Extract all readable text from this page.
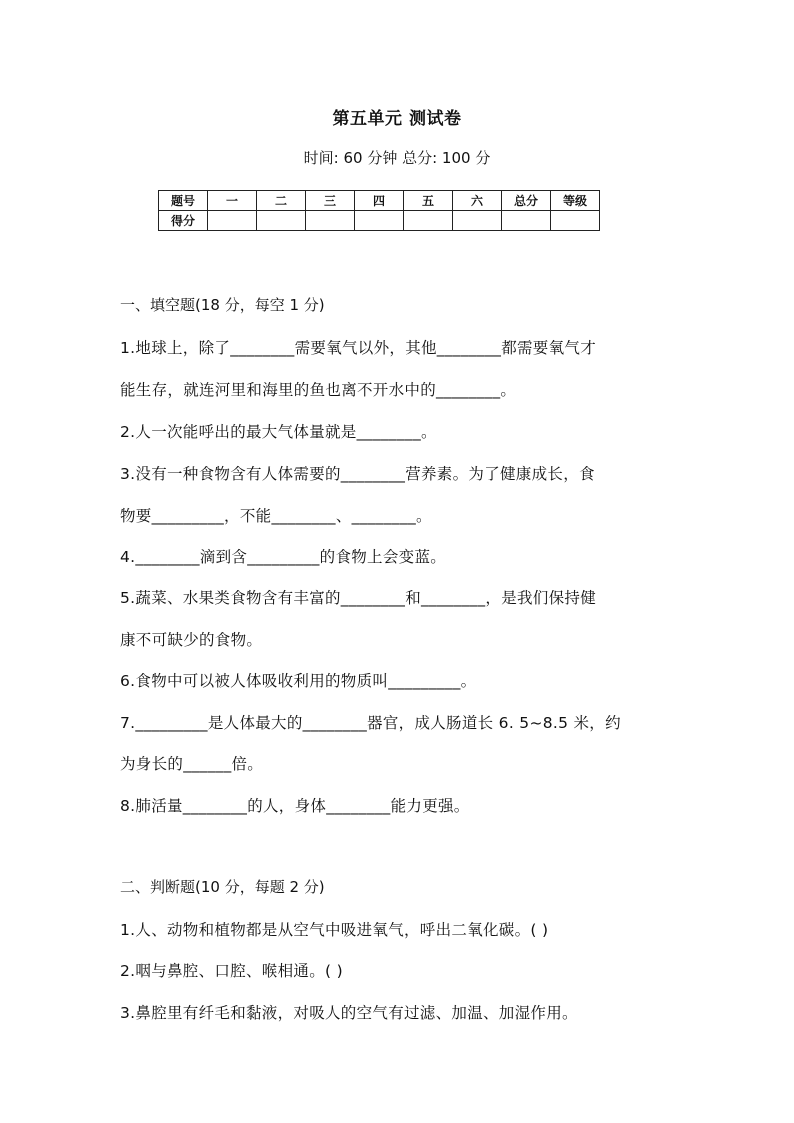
第五单元 测试卷
时间: 60 分钟 总分: 100 分
题号	一	二	三	四	五	六	总分	等级
得分								
一、填空题(18 分，每空 1 分)
1.地球上，除了________需要氧气以外，其他________都需要氧气才
能生存，就连河里和海里的鱼也离不开水中的________。
2.人一次能呼出的最大气体量就是________。
3.没有一种食物含有人体需要的________营养素。为了健康成长，食
物要_________，不能________、________。
4.________滴到含_________的食物上会变蓝。
5.蔬菜、水果类食物含有丰富的________和________，是我们保持健
康不可缺少的食物。
6.食物中可以被人体吸收利用的物质叫_________。
7._________是人体最大的________器官，成人肠道长 6. 5~8.5 米，约
为身长的______倍。
8.肺活量________的人，身体________能力更强。
二、判断题(10 分，每题 2 分)
1.人、动物和植物都是从空气中吸进氧气，呼出二氧化碳。( )
2.咽与鼻腔、口腔、喉相通。( )
3.鼻腔里有纤毛和黏液，对吸人的空气有过滤、加温、加湿作用。
